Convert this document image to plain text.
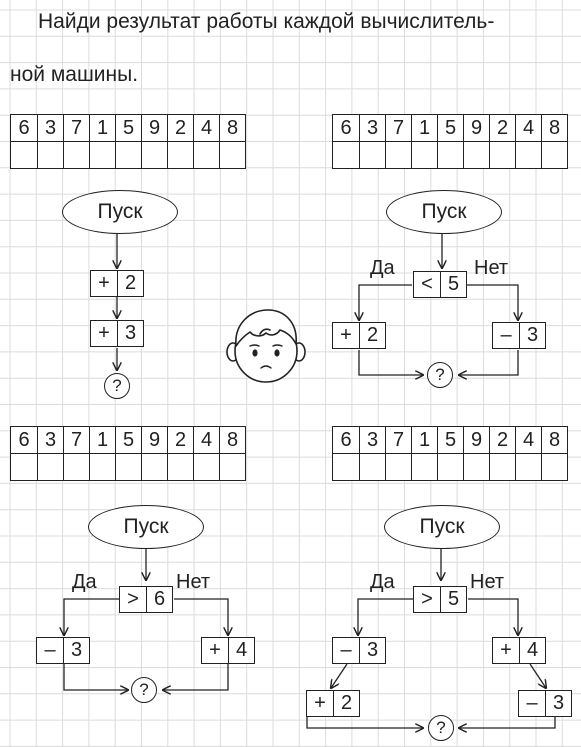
Найди результат работы каждой вычислитель-
ной машины.
6 3 7 1 5 9 2 4 8	6 3 7 1 5 9 2 4 8
6 3 7 1 5 9 2 4 8	6 3 7 1 5 9 2 4 8
Пуск
+ 2
+ 3
?
Пуск
Да	Нет
< 5
+ 2	– 3
?
Пуск
Да	Нет
> 6
– 3	+ 4
?
Пуск
Да	Нет
> 5
– 3	+ 4
+ 2	– 3
?
